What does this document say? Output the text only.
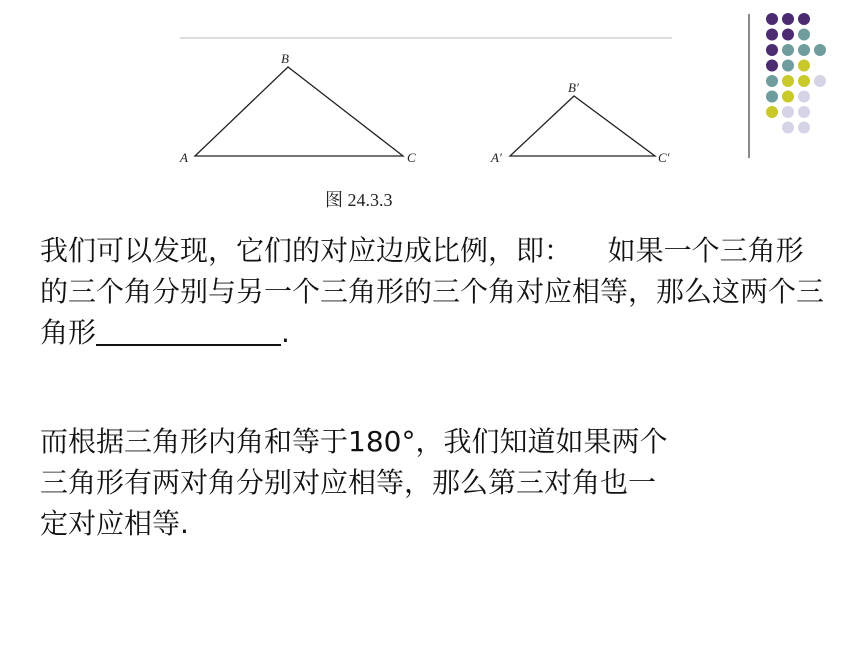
A
B
C	A′
B′
C′
图 24.3.3

我们可以发现，它们的对应边成比例，即： 如果一个三角形的三个角分别与另一个三角形的三个角对应相等，那么这两个三角形	.

而根据三角形内角和等于180°，我们知道如果两个
三角形有两对角分别对应相等，那么第三对角也一
定对应相等.
